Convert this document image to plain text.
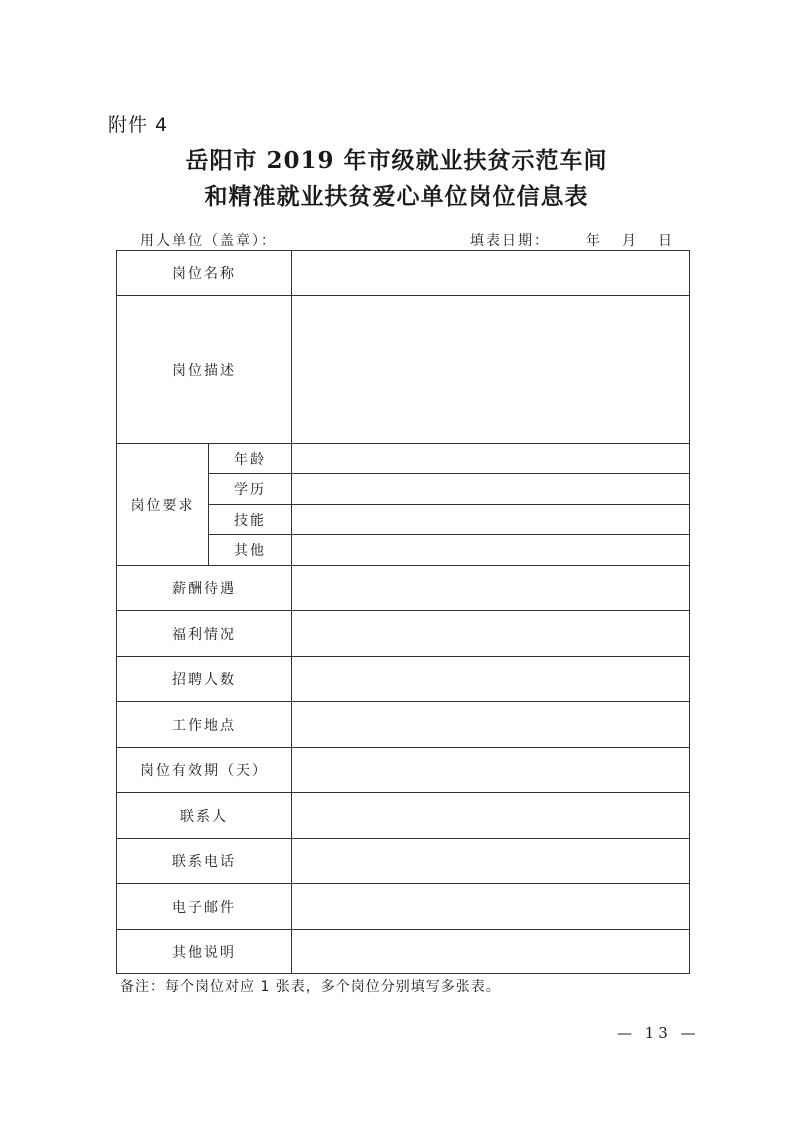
附件 4
岳阳市 2019 年市级就业扶贫示范车间
和精准就业扶贫爱心单位岗位信息表
用人单位（盖章）：	填表日期：	年 月 日
岗位名称		
岗位描述		
岗位要求	年龄	
	学历	
	技能	
	其他	
薪酬待遇		
福利情况		
招聘人数		
工作地点		
岗位有效期（天）		
联系人		
联系电话		
电子邮件		
其他说明		
备注：每个岗位对应 1 张表，多个岗位分别填写多张表。
— 13 —
